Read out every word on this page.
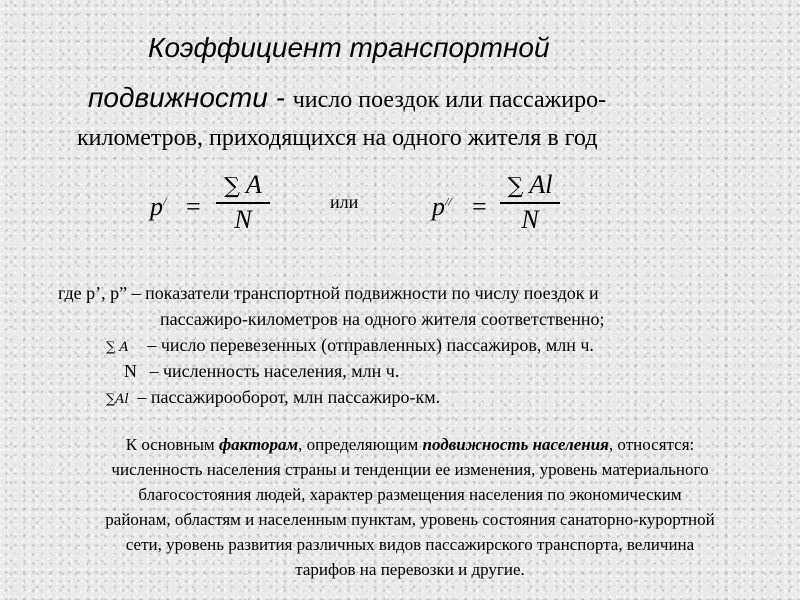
Коэффициент транспортной
подвижности - число поездок или пассажиро-
километров, приходящихся на одного жителя в год
p/ =
∑ A
N
или	p// =
∑ Al
N
где p’, p” – показатели транспортной подвижности по числу поездок и
пассажиро-километров на одного жителя соответственно;
∑ A – число перевезенных (отправленных) пассажиров, млн ч.
N – численность населения, млн ч.
∑Al – пассажирооборот, млн пассажиро-км.
К основным факторам, определяющим подвижность населения, относятся:
численность населения страны и тенденции ее изменения, уровень материального
благосостояния людей, характер размещения населения по экономическим
районам, областям и населенным пунктам, уровень состояния санаторно-курортной
сети, уровень развития различных видов пассажирского транспорта, величина
тарифов на перевозки и другие.
